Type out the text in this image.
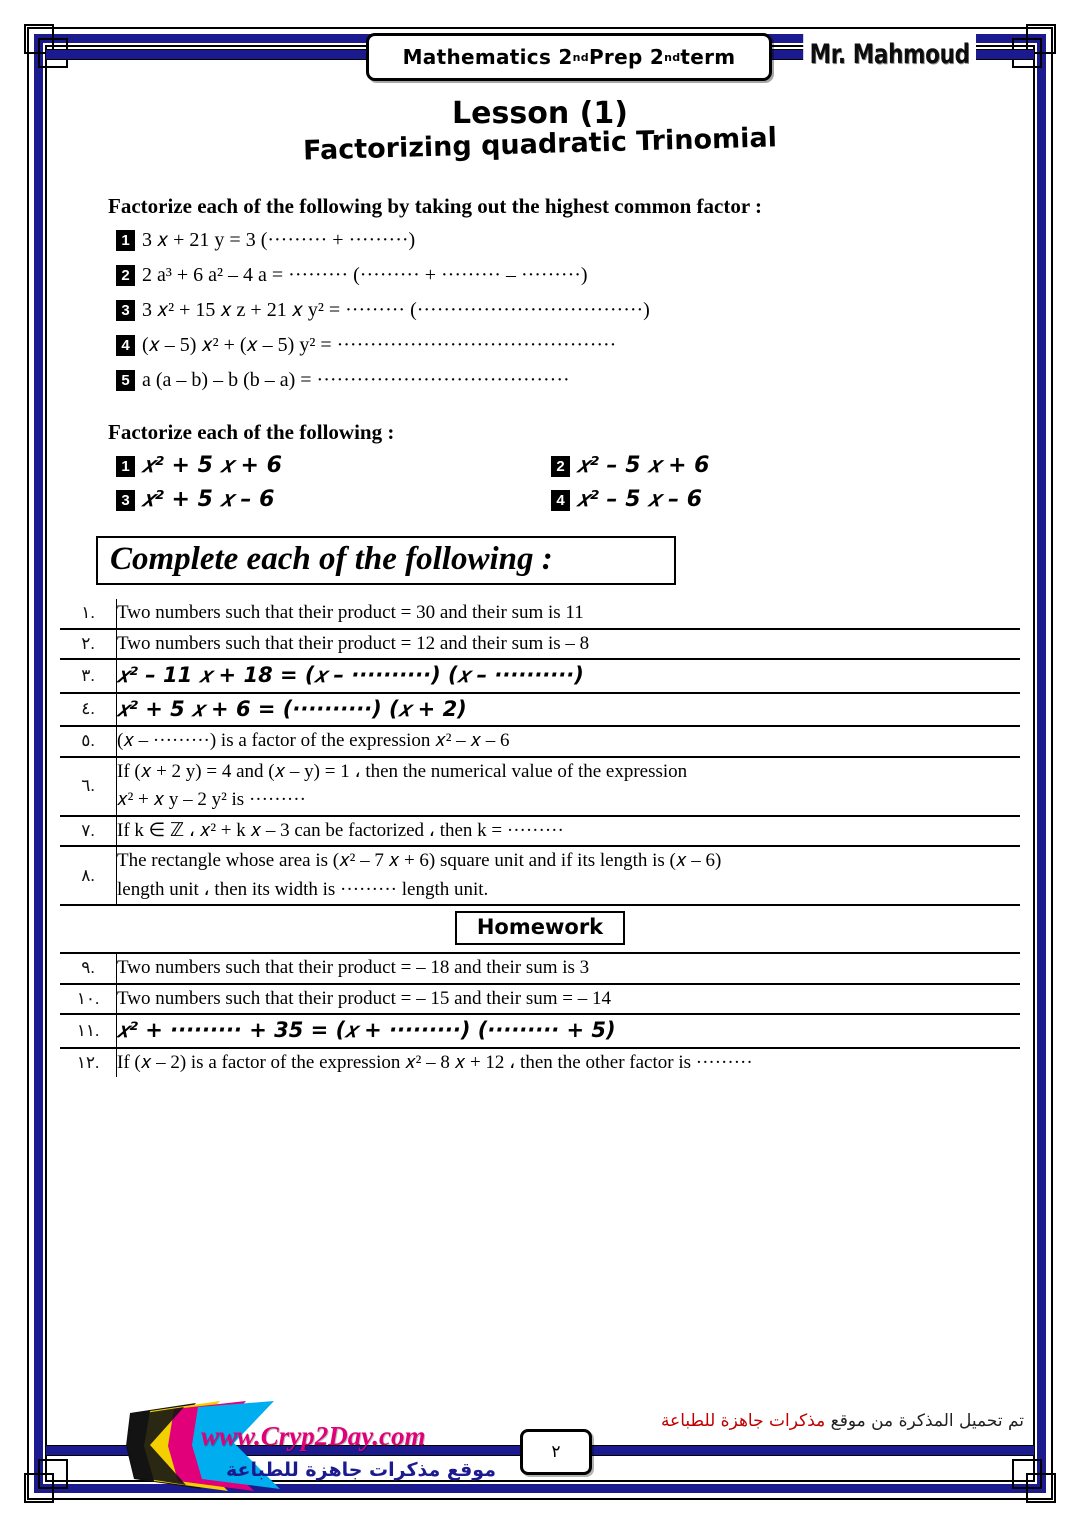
Mathematics 2 nd Prep 2 nd term	Mr. Mahmoud
Lesson (1)
Factorizing quadratic Trinomial
Factorize each of the following by taking out the highest common factor :
1 3 𝑥 + 21 y = 3 (········· + ·········)
2 2 a³ + 6 a² – 4 a = ········· (········· + ········· – ·········)
3 3 𝑥² + 15 𝑥 z + 21 𝑥 y² = ········· (··································)
4 (𝑥 – 5) 𝑥² + (𝑥 – 5) y² = ··········································
5 a (a – b) – b (b – a) = ······································
Factorize each of the following :
1 𝑥² + 5 𝑥 + 6	2 𝑥² – 5 𝑥 + 6
3 𝑥² + 5 𝑥 – 6	4 𝑥² – 5 𝑥 – 6
Complete each of the following :
١.	Two numbers such that their product = 30 and their sum is 11

٢.	Two numbers such that their product = 12 and their sum is – 8

٣.	𝑥² – 11 𝑥 + 18 = (𝑥 – ··········) (𝑥 – ··········)

٤.	𝑥² + 5 𝑥 + 6 = (··········) (𝑥 + 2)

٥.	(𝑥 – ·········) is a factor of the expression 𝑥² – 𝑥 – 6

٦.	If (𝑥 + 2 y) = 4 and (𝑥 – y) = 1 ، then the numerical value of the expression
𝑥² + 𝑥 y – 2 y² is ·········

٧.	If k ∈ ℤ ، 𝑥² + k 𝑥 – 3 can be factorized ، then k = ·········

٨.	The rectangle whose area is (𝑥² – 7 𝑥 + 6) square unit and if its length is (𝑥 – 6)
length unit ، then its width is ········· length unit.

Homework	

٩.	Two numbers such that their product = – 18 and their sum is 3

١٠.	Two numbers such that their product = – 15 and their sum = – 14

١١.	𝑥² + ········· + 35 = (𝑥 + ·········) (········· + 5)

١٢.	If (𝑥 – 2) is a factor of the expression 𝑥² – 8 𝑥 + 12 ، then the other factor is ·········
www.Cryp2Day.com
موقع مذكرات جاهزة للطباعة
تم تحميل المذكرة من موقع مذكرات جاهزة للطباعة
٢
